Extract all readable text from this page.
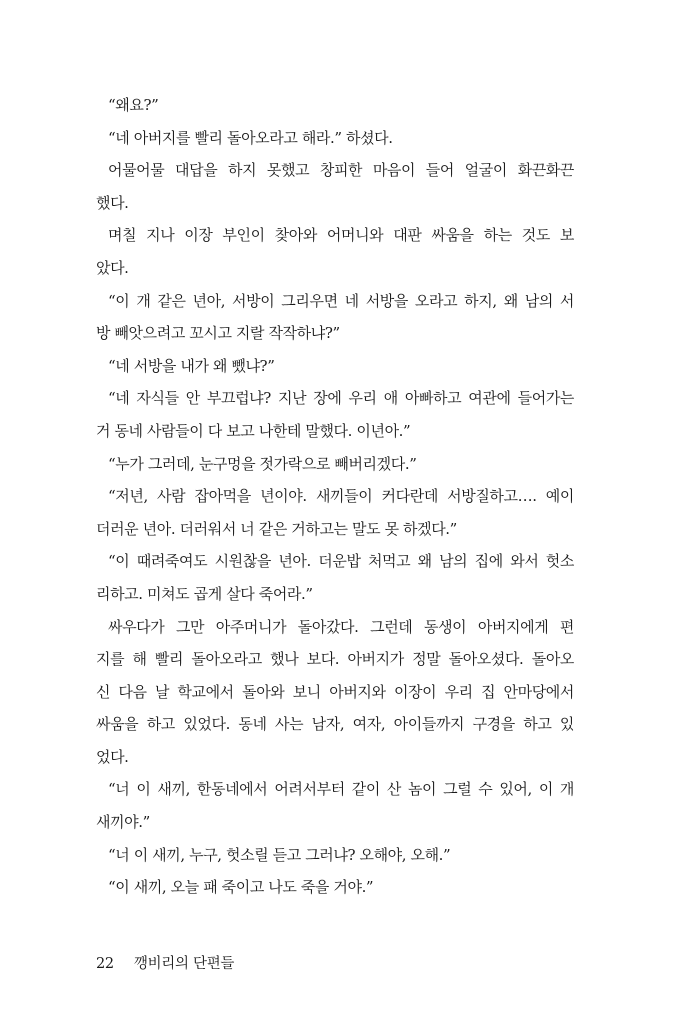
“왜요?”
“네 아버지를 빨리 돌아오라고 해라.” 하셨다.
어물어물 대답을 하지 못했고 창피한 마음이 들어 얼굴이 화끈화끈
했다.
며칠 지나 이장 부인이 찾아와 어머니와 대판 싸움을 하는 것도 보
았다.
“이 개 같은 년아, 서방이 그리우면 네 서방을 오라고 하지, 왜 남의 서
방 빼앗으려고 꼬시고 지랄 작작하냐?”
“네 서방을 내가 왜 뺐냐?”
“네 자식들 안 부끄럽냐? 지난 장에 우리 애 아빠하고 여관에 들어가는
거 동네 사람들이 다 보고 나한테 말했다. 이년아.”
“누가 그러데, 눈구멍을 젓가락으로 빼버리겠다.”
“저년, 사람 잡아먹을 년이야. 새끼들이 커다란데 서방질하고…. 예이
더러운 년아. 더러워서 너 같은 거하고는 말도 못 하겠다.”
“이 때려죽여도 시원찮을 년아. 더운밥 처먹고 왜 남의 집에 와서 헛소
리하고. 미쳐도 곱게 살다 죽어라.”
싸우다가 그만 아주머니가 돌아갔다. 그런데 동생이 아버지에게 편
지를 해 빨리 돌아오라고 했나 보다. 아버지가 정말 돌아오셨다. 돌아오
신 다음 날 학교에서 돌아와 보니 아버지와 이장이 우리 집 안마당에서
싸움을 하고 있었다. 동네 사는 남자, 여자, 아이들까지 구경을 하고 있
었다.
“너 이 새끼, 한동네에서 어려서부터 같이 산 놈이 그럴 수 있어, 이 개
새끼야.”
“너 이 새끼, 누구, 헛소릴 듣고 그러냐? 오해야, 오해.”
“이 새끼, 오늘 패 죽이고 나도 죽을 거야.”
22 깽비리의 단편들
